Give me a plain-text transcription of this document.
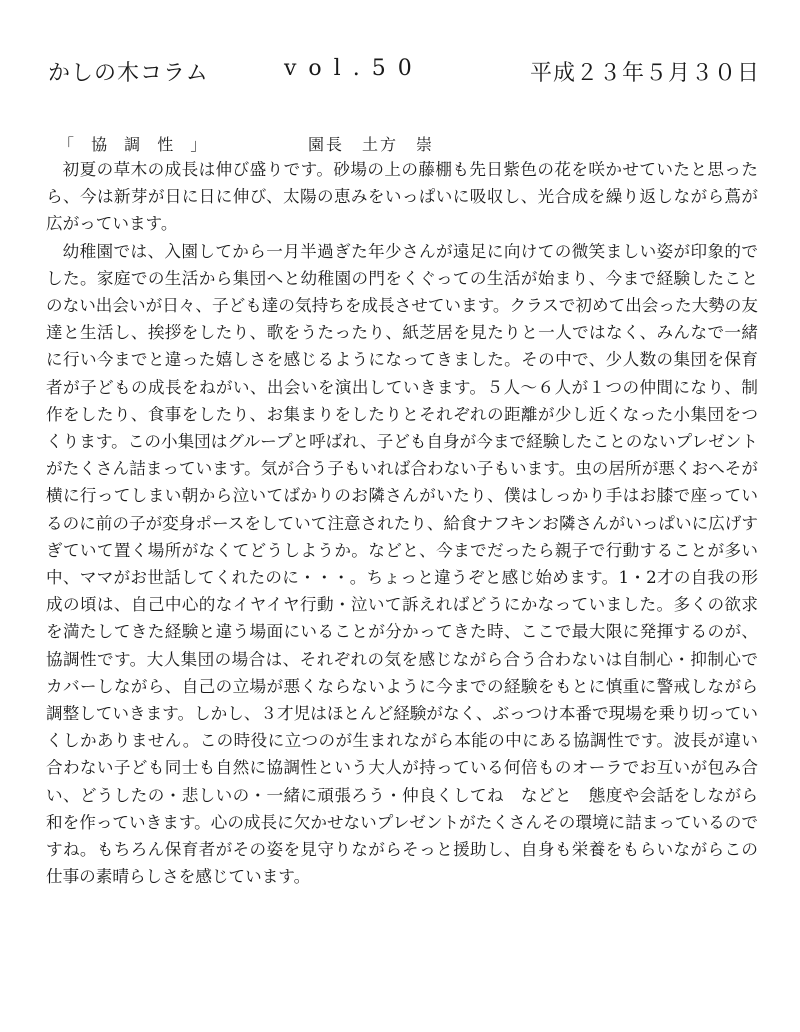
かしの木コラム	vol.50	平成２３年５月３０日
「 協 調 性 」	園長　土方　崇

初夏の草木の成長は伸び盛りです。砂場の上の藤棚も先日紫色の花を咲かせていたと思ったら、今は新芽が日に日に伸び、太陽の恵みをいっぱいに吸収し、光合成を繰り返しながら蔦が広がっています。

幼稚園では、入園してから一月半過ぎた年少さんが遠足に向けての微笑ましい姿が印象的でした。家庭での生活から集団へと幼稚園の門をくぐっての生活が始まり、今まで経験したことのない出会いが日々、子ども達の気持ちを成長させています。クラスで初めて出会った大勢の友達と生活し、挨拶をしたり、歌をうたったり、紙芝居を見たりと一人ではなく、みんなで一緒に行い今までと違った嬉しさを感じるようになってきました。その中で、少人数の集団を保育者が子どもの成長をねがい、出会いを演出していきます。５人～６人が１つの仲間になり、制作をしたり、食事をしたり、お集まりをしたりとそれぞれの距離が少し近くなった小集団をつくります。この小集団はグループと呼ばれ、子ども自身が今まで経験したことのないプレゼントがたくさん詰まっています。気が合う子もいれば合わない子もいます。虫の居所が悪くおへそが横に行ってしまい朝から泣いてばかりのお隣さんがいたり、僕はしっかり手はお膝で座っているのに前の子が変身ポースをしていて注意されたり、給食ナフキンお隣さんがいっぱいに広げすぎていて置く場所がなくてどうしようか。などと、今までだったら親子で行動することが多い中、ママがお世話してくれたのに・・・。ちょっと違うぞと感じ始めます。1・2才の自我の形成の頃は、自己中心的なイヤイヤ行動・泣いて訴えればどうにかなっていました。多くの欲求を満たしてきた経験と違う場面にいることが分かってきた時、ここで最大限に発揮するのが、協調性です。大人集団の場合は、それぞれの気を感じながら合う合わないは自制心・抑制心でカバーしながら、自己の立場が悪くならないように今までの経験をもとに慎重に警戒しながら調整していきます。しかし、３才児はほとんど経験がなく、ぶっつけ本番で現場を乗り切っていくしかありません。この時役に立つのが生まれながら本能の中にある協調性です。波長が違い合わない子ども同士も自然に協調性という大人が持っている何倍ものオーラでお互いが包み合い、どうしたの・悲しいの・一緒に頑張ろう・仲良くしてね　などと　態度や会話をしながら和を作っていきます。心の成長に欠かせないプレゼントがたくさんその環境に詰まっているのですね。もちろん保育者がその姿を見守りながらそっと援助し、自身も栄養をもらいながらこの仕事の素晴らしさを感じています。
